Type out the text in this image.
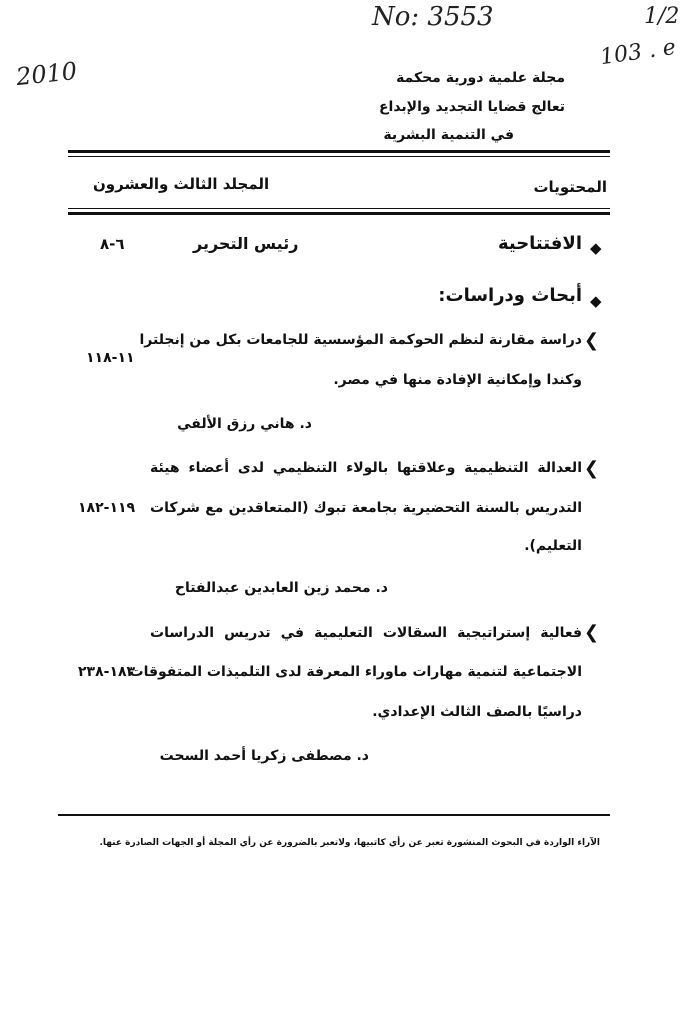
No: 3553	1/2
103 . e
2010	مجلة علمية دورية محكمة
تعالج قضايا التجديد والإبداع
في التنمية البشرية
المحتويات
المجلد الثالث والعشرون
◆
الافتتاحية
رئيس التحرير
٦-٨
◆
أبحاث ودراسات:
❮
دراسة مقارنة لنظم الحوكمة المؤسسية للجامعات بكل من إنجلترا
وكندا وإمكانية الإفادة منها في مصر.
١١-١١٨
د. هاني رزق الألفي
❮
العدالة التنظيمية وعلاقتها بالولاء التنظيمي لدى أعضاء هيئة
التدريس بالسنة التحضيرية بجامعة تبوك (المتعاقدين مع شركات
التعليم).
١١٩-١٨٢
د. محمد زين العابدين عبدالفتاح
❮
فعالية إستراتيجية السقالات التعليمية في تدريس الدراسات
الاجتماعية لتنمية مهارات ماوراء المعرفة لدى التلميذات المتفوقات
دراسيًا بالصف الثالث الإعدادي.
١٨٣-٢٣٨
د. مصطفى زكريا أحمد السحت
الآراء الواردة في البحوث المنشورة تعبر عن رأي كاتبيها، ولاتعبر بالضرورة عن رأي المجلة أو الجهات الصادرة عنها.
